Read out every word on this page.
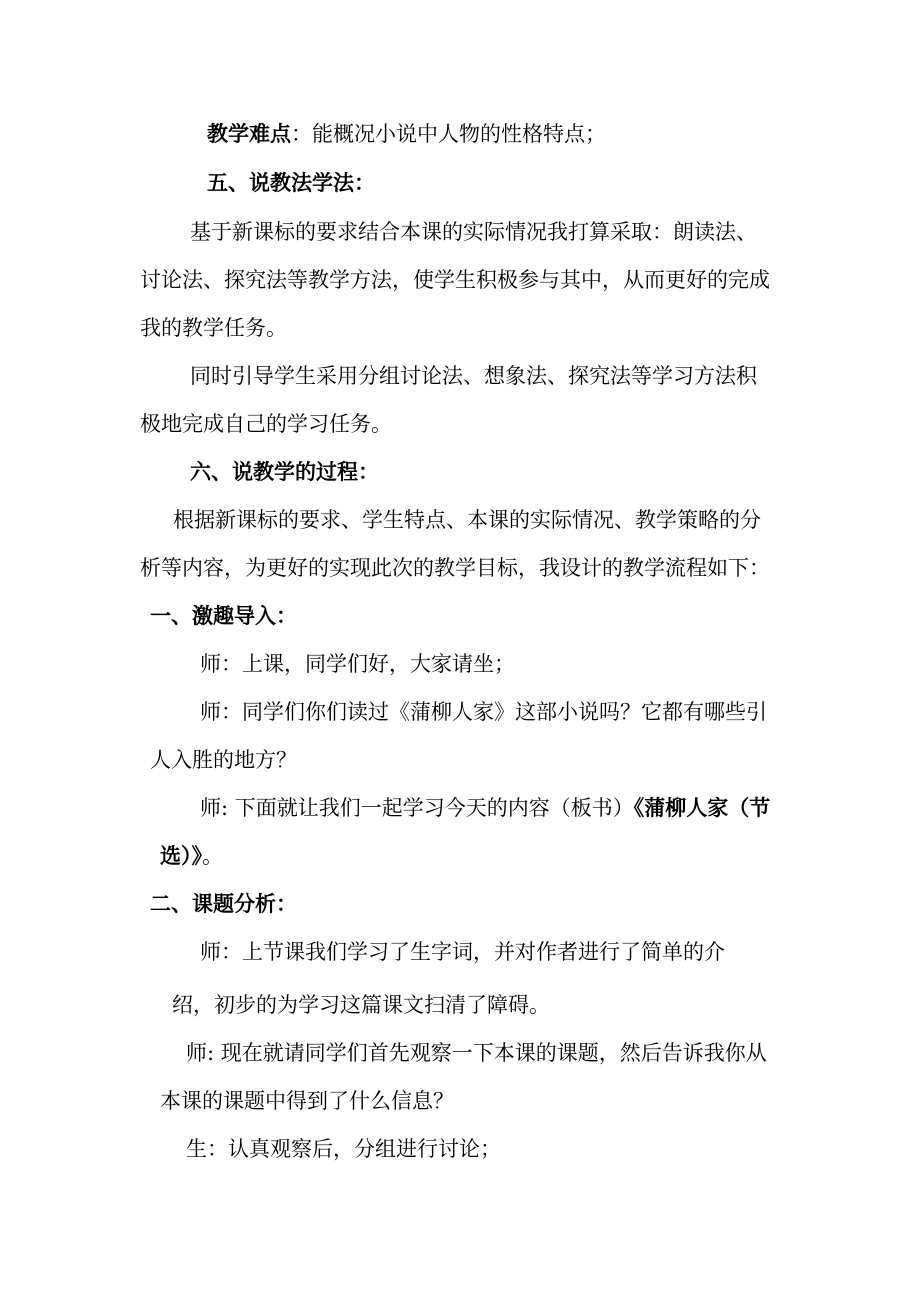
教学难点：能概况小说中人物的性格特点；
五、说教法学法：
基于新课标的要求结合本课的实际情况我打算采取：朗读法、
讨论法、探究法等教学方法，使学生积极参与其中，从而更好的完成
我的教学任务。
同时引导学生采用分组讨论法、想象法、探究法等学习方法积
极地完成自己的学习任务。
六、说教学的过程：
根据新课标的要求、学生特点、本课的实际情况、教学策略的分
析等内容，为更好的实现此次的教学目标，我设计的教学流程如下：
一、激趣导入：
师：上课，同学们好，大家请坐；
师：同学们你们读过《蒲柳人家》这部小说吗？它都有哪些引
人入胜的地方？
师: 下面就让我们一起学习今天的内容（板书）《蒲柳人家（节
选）》。
二、课题分析：
师：上节课我们学习了生字词，并对作者进行了简单的介
绍，初步的为学习这篇课文扫清了障碍。
师: 现在就请同学们首先观察一下本课的课题，然后告诉我你从
本课的课题中得到了什么信息？
生：认真观察后，分组进行讨论；
